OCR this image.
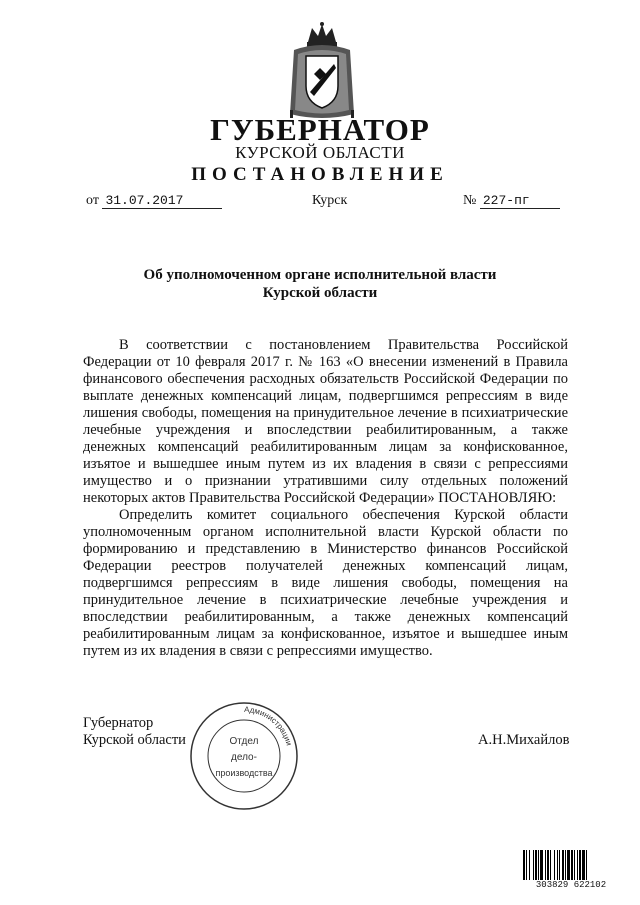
ГУБЕРНАТОР
КУРСКОЙ ОБЛАСТИ
ПОСТАНОВЛЕНИЕ
от 31.07.2017	Курск	№ 227-пг
Об уполномоченном органе исполнительной власти
Курской области

В соответствии с постановлением Правительства Российской Федерации от 10 февраля 2017 г. № 163 «О внесении изменений в Правила финансового обеспечения расходных обязательств Российской Федерации по выплате денежных компенсаций лицам, подвергшимся репрессиям в виде лишения свободы, помещения на принудительное лечение в психиатрические лечебные учреждения и впоследствии реабилитированным, а также денежных компенсаций реабилитированным лицам за конфискованное, изъятое и вышедшее иным путем из их владения в связи с репрессиями имущество и о признании утратившими силу отдельных положений некоторых актов Правительства Российской Федерации» ПОСТАНОВЛЯЮ:

Определить комитет социального обеспечения Курской области уполномоченным органом исполнительной власти Курской области по формированию и представлению в Министерство финансов Российской Федерации реестров получателей денежных компенсаций лицам, подвергшимся репрессиям в виде лишения свободы, помещения на принудительное лечение в психиатрические лечебные учреждения и впоследствии реабилитированным, а также денежных компенсаций реабилитированным лицам за конфискованное, изъятое и вышедшее иным путем из их владения в связи с репрессиями имущество.

Губернатор
Курской области	А.Н.Михайлов
Администрации
Отдел
дело-
производства
303829 622102
